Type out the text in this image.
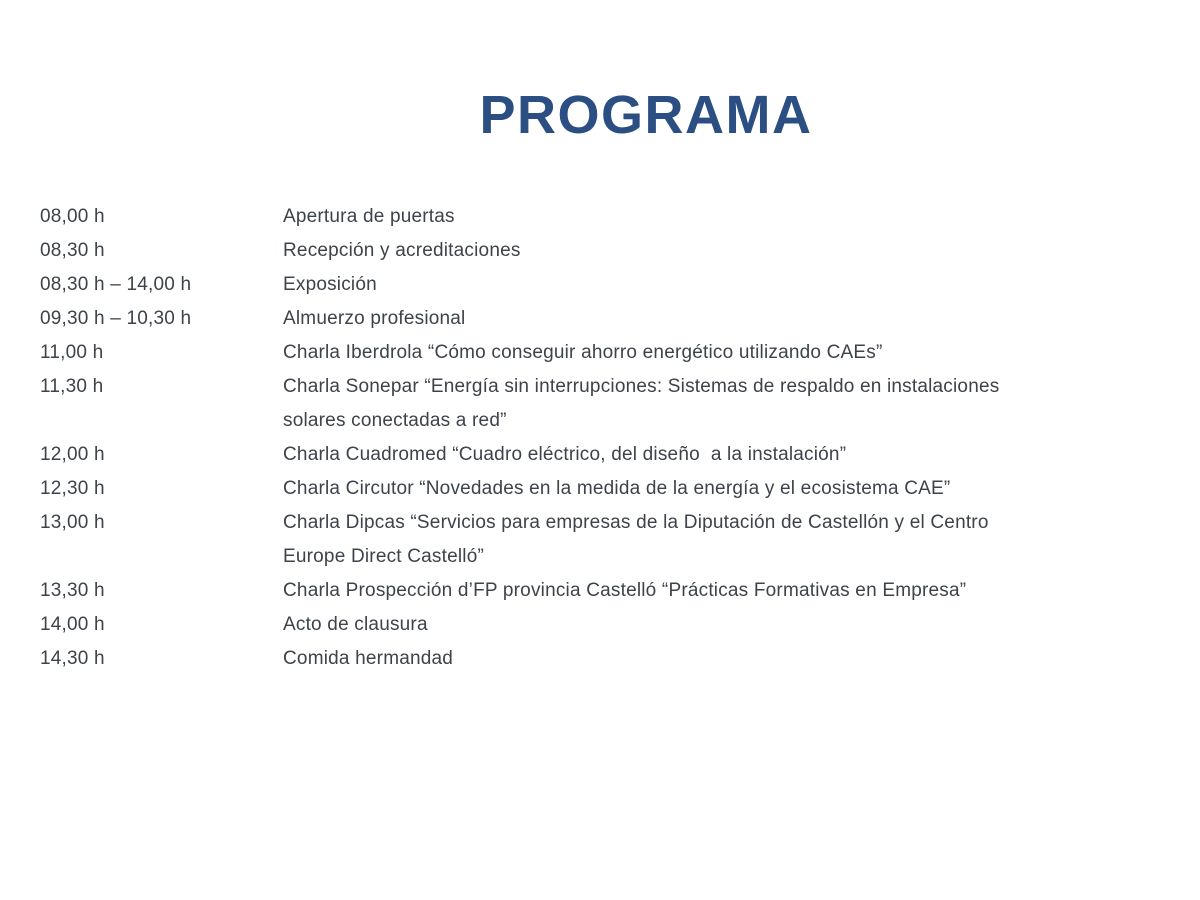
PROGRAMA
08,00 h	Apertura de puertas
08,30 h	Recepción y acreditaciones
08,30 h – 14,00 h	Exposición
09,30 h – 10,30 h	Almuerzo profesional
11,00 h	Charla Iberdrola “Cómo conseguir ahorro energético utilizando CAEs”
11,30 h	Charla Sonepar “Energía sin interrupciones: Sistemas de respaldo en instalaciones
solares conectadas a red”
12,00 h	Charla Cuadromed “Cuadro eléctrico, del diseño  a la instalación”
12,30 h	Charla Circutor “Novedades en la medida de la energía y el ecosistema CAE”
13,00 h	Charla Dipcas “Servicios para empresas de la Diputación de Castellón y el Centro
Europe Direct Castelló”
13,30 h	Charla Prospección d’FP provincia Castelló “Prácticas Formativas en Empresa”
14,00 h	Acto de clausura
14,30 h	Comida hermandad
